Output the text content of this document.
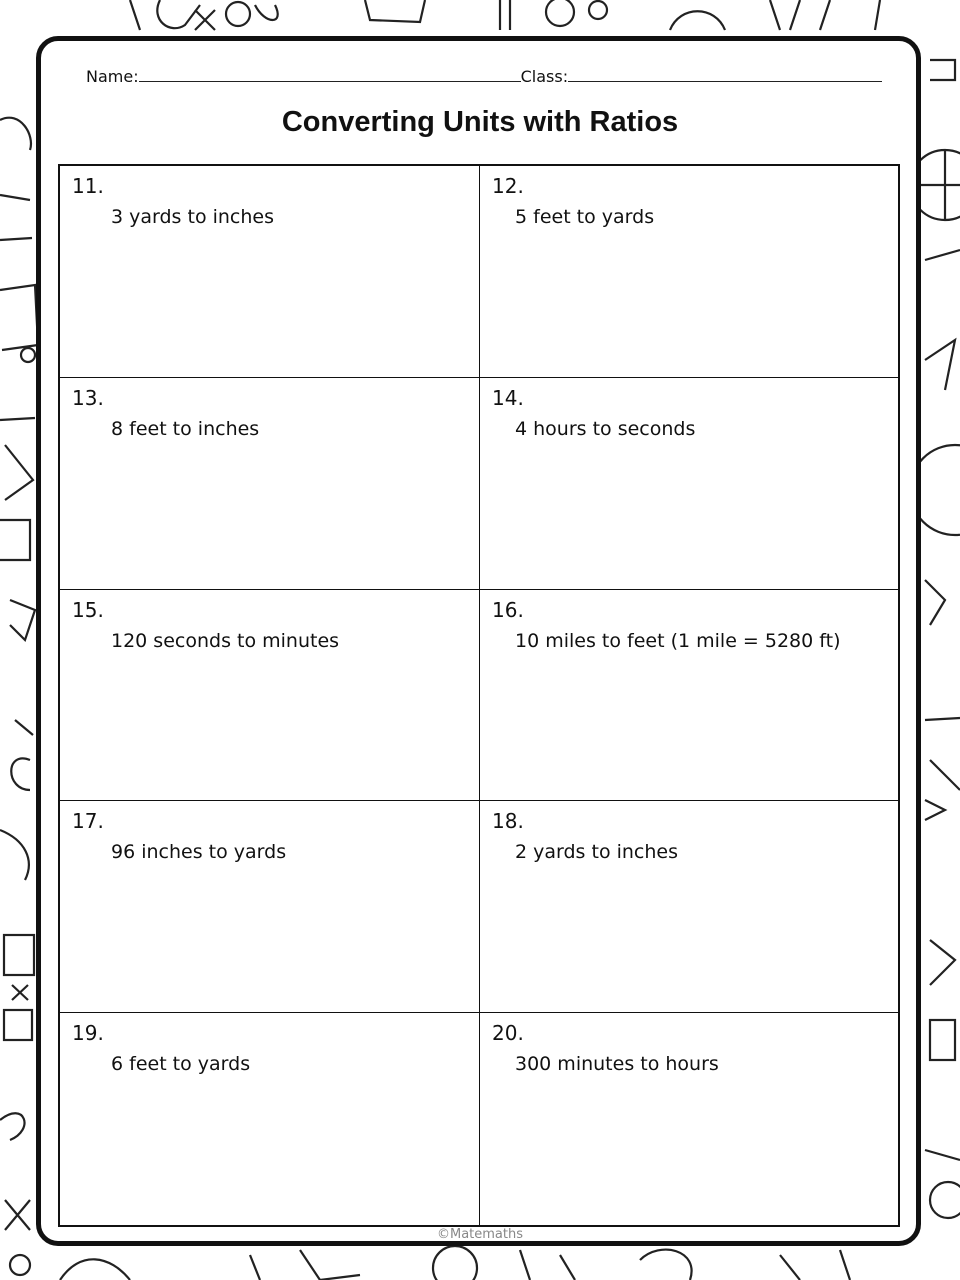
Name:	Class:
Converting Units with Ratios
11.
3 yards to inches
12.
5 feet to yards
13.
8 feet to inches
14.
4 hours to seconds
15.
120 seconds to minutes
16.
10 miles to feet (1 mile = 5280 ft)
17.
96 inches to yards
18.
2 yards to inches
19.
6 feet to yards
20.
300 minutes to hours
©Matemaths
